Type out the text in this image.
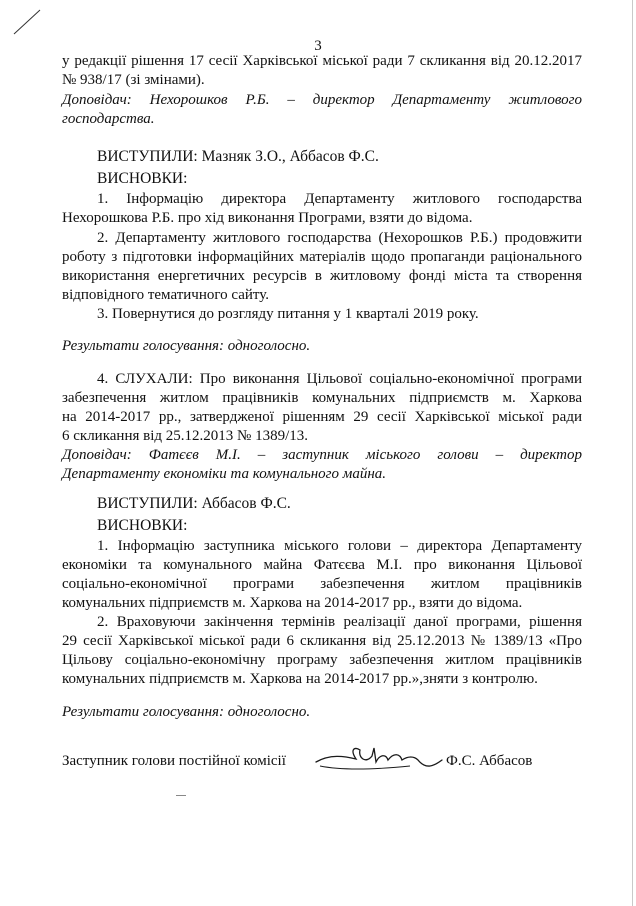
3
у редакції рішення 17 сесії Харківської міської ради 7 скликання від 20.12.2017
№ 938/17 (зі змінами).
Доповідач: Нехорошков Р.Б. – директор Департаменту житлового
господарства.
ВИСТУПИЛИ: Мазняк З.О., Аббасов Ф.С.
ВИСНОВКИ:
1. Інформацію директора Департаменту житлового господарства
Нехорошкова Р.Б. про хід виконання Програми, взяти до відома.
2. Департаменту житлового господарства (Нехорошков Р.Б.) продовжити
роботу з підготовки інформаційних матеріалів щодо пропаганди раціонального
використання енергетичних ресурсів в житловому фонді міста та створення
відповідного тематичного сайту.
3. Повернутися до розгляду питання у 1 кварталі 2019 року.
Результати голосування: одноголосно.
4. СЛУХАЛИ: Про виконання Цільової соціально-економічної програми
забезпечення житлом працівників комунальних підприємств м. Харкова
на 2014-2017 рр., затвердженої рішенням 29 сесії Харківської міської ради
6 скликання від 25.12.2013 № 1389/13.
Доповідач: Фатєєв М.І. – заступник міського голови – директор
Департаменту економіки та комунального майна.
ВИСТУПИЛИ: Аббасов Ф.С.
ВИСНОВКИ:
1. Інформацію заступника міського голови – директора Департаменту
економіки та комунального майна Фатєєва М.І. про виконання Цільової
соціально-економічної програми забезпечення житлом працівників
комунальних підприємств м. Харкова на 2014-2017 рр., взяти до відома.
2. Враховуючи закінчення термінів реалізації даної програми, рішення
29 сесії Харківської міської ради 6 скликання від 25.12.2013 № 1389/13 «Про
Цільову соціально-економічну програму забезпечення житлом працівників
комунальних підприємств м. Харкова на 2014-2017 рр.»,зняти з контролю.
Результати голосування: одноголосно.
Заступник голови постійної комісії	Ф.С. Аббасов
